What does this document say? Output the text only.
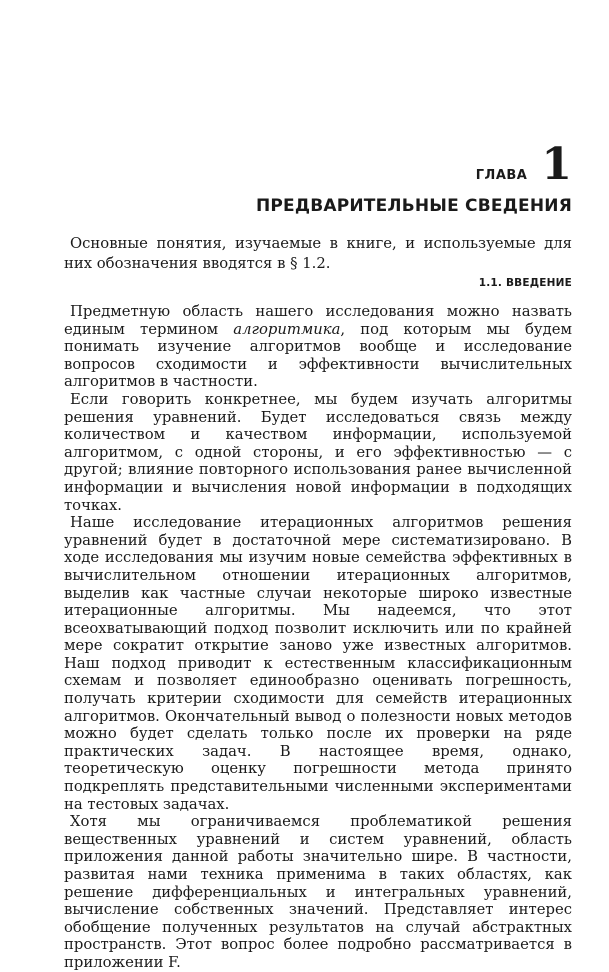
ГЛАВА 1
ПРЕДВАРИТЕЛЬНЫЕ СВЕДЕНИЯ

Основные понятия, изучаемые в книге, и используемые для них обозначения вводятся в § 1.2.

1.1. ВВЕДЕНИЕ

Предметную область нашего исследования можно назвать единым термином алгоритмика, под которым мы будем понимать изучение алгоритмов вообще и исследование вопросов сходимости и эффективности вычислительных алгоритмов в частности.

Если говорить конкретнее, мы будем изучать алгоритмы решения уравнений. Будет исследоваться связь между количеством и качеством информации, используемой алгоритмом, с одной стороны, и его эффективностью — с другой; влияние повторного использования ранее вычисленной информации и вычисления новой информации в подходящих точках.

Наше исследование итерационных алгоритмов решения уравнений будет в достаточной мере систематизировано. В ходе исследования мы изучим новые семейства эффективных в вычислительном отношении итерационных алгоритмов, выделив как частные случаи некоторые широко известные итерационные алгоритмы. Мы надеемся, что этот всеохватывающий подход позволит исключить или по крайней мере сократит открытие заново уже известных алгоритмов. Наш подход приводит к естественным классификационным схемам и позволяет единообразно оценивать погрешность, получать критерии сходимости для семейств итерационных алгоритмов. Окончательный вывод о полезности новых методов можно будет сделать только после их проверки на ряде практических задач. В настоящее время, однако, теоретическую оценку погрешности метода принято подкреплять представительными численными экспериментами на тестовых задачах.

Хотя мы ограничиваемся проблематикой решения вещественных уравнений и систем уравнений, область приложения данной работы значительно шире. В частности, развитая нами техника применима в таких областях, как решение дифференциальных и интегральных уравнений, вычисление собственных значений. Представляет интерес обобщение полученных результатов на случай абстрактных пространств. Этот вопрос более подробно рассматривается в приложении F.
